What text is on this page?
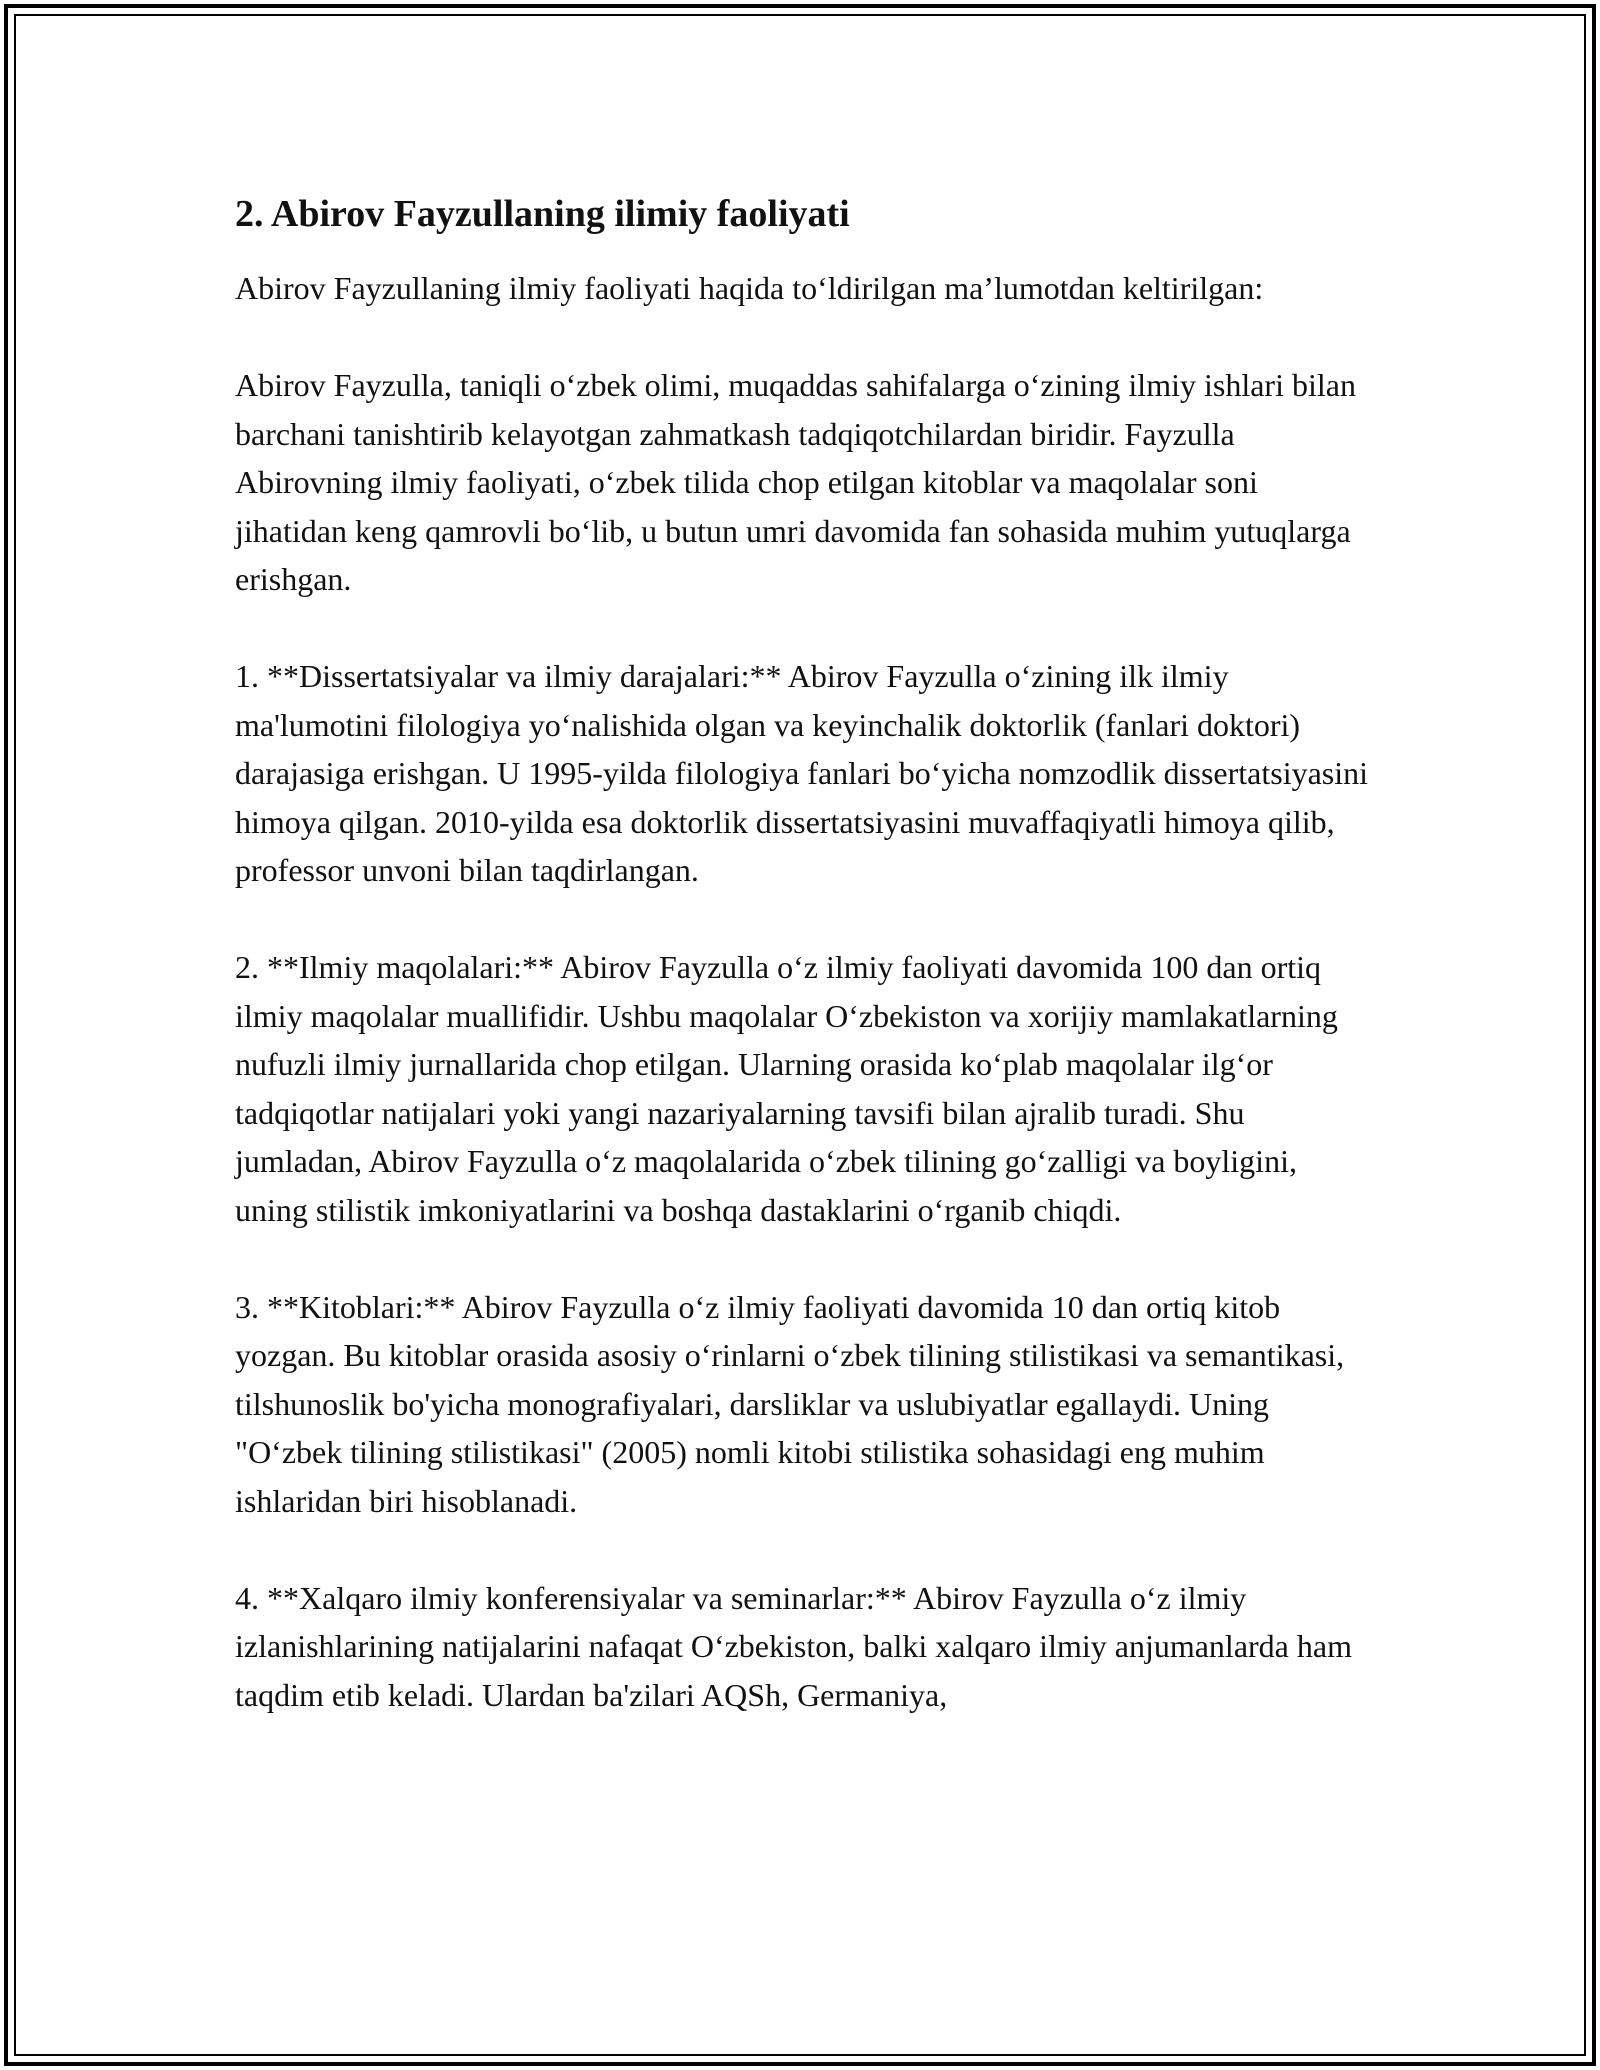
2. Abirov Fayzullaning ilimiy faoliyati

Abirov Fayzullaning ilmiy faoliyati haqida to‘ldirilgan ma’lumotdan keltirilgan:

Abirov Fayzulla, taniqli o‘zbek olimi, muqaddas sahifalarga o‘zining ilmiy ishlari bilan barchani tanishtirib kelayotgan zahmatkash tadqiqotchilardan biridir. Fayzulla Abirovning ilmiy faoliyati, o‘zbek tilida chop etilgan kitoblar va maqolalar soni jihatidan keng qamrovli bo‘lib, u butun umri davomida fan sohasida muhim yutuqlarga erishgan.

1. **Dissertatsiyalar va ilmiy darajalari:** Abirov Fayzulla o‘zining ilk ilmiy ma'lumotini filologiya yo‘nalishida olgan va keyinchalik doktorlik (fanlari doktori) darajasiga erishgan. U 1995-yilda filologiya fanlari bo‘yicha nomzodlik dissertatsiyasini himoya qilgan. 2010-yilda esa doktorlik dissertatsiyasini muvaffaqiyatli himoya qilib, professor unvoni bilan taqdirlangan.

2. **Ilmiy maqolalari:** Abirov Fayzulla o‘z ilmiy faoliyati davomida 100 dan ortiq ilmiy maqolalar muallifidir. Ushbu maqolalar O‘zbekiston va xorijiy mamlakatlarning nufuzli ilmiy jurnallarida chop etilgan. Ularning orasida ko‘plab maqolalar ilg‘or tadqiqotlar natijalari yoki yangi nazariyalarning tavsifi bilan ajralib turadi. Shu jumladan, Abirov Fayzulla o‘z maqolalarida o‘zbek tilining go‘zalligi va boyligini, uning stilistik imkoniyatlarini va boshqa dastaklarini o‘rganib chiqdi.

3. **Kitoblari:** Abirov Fayzulla o‘z ilmiy faoliyati davomida 10 dan ortiq kitob yozgan. Bu kitoblar orasida asosiy o‘rinlarni o‘zbek tilining stilistikasi va semantikasi, tilshunoslik bo'yicha monografiyalari, darsliklar va uslubiyatlar egallaydi. Uning "O‘zbek tilining stilistikasi" (2005) nomli kitobi stilistika sohasidagi eng muhim ishlaridan biri hisoblanadi.

4. **Xalqaro ilmiy konferensiyalar va seminarlar:** Abirov Fayzulla o‘z ilmiy izlanishlarining natijalarini nafaqat O‘zbekiston, balki xalqaro ilmiy anjumanlarda ham taqdim etib keladi. Ulardan ba'zilari AQSh, Germaniya,
